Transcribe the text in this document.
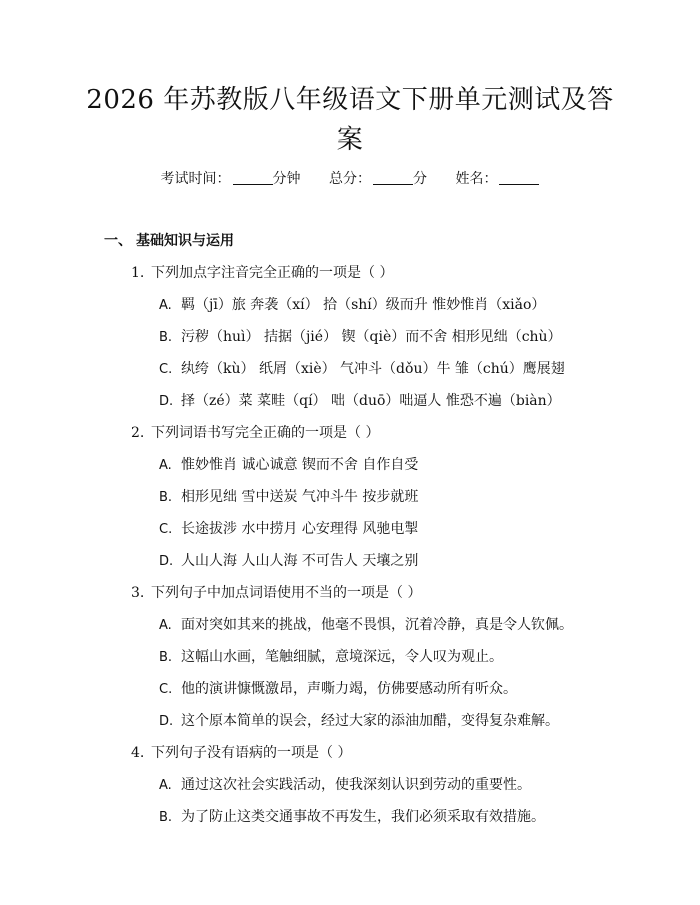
2026 年苏教版八年级语文下册单元测试及答案
考试时间：	分钟 总分：	分 姓名：
一、 基础知识与运用
1. 下列加点字注音完全正确的一项是（ ）
A. 羁（jī）旅 奔袭（xí） 拾（shí）级而升 惟妙惟肖（xiǎo）
B. 污秽（huì） 拮据（jié） 锲（qiè）而不舍 相形见绌（chù）
C. 纨绔（kù） 纸屑（xiè） 气冲斗（dǒu）牛 雏（chú）鹰展翅
D. 择（zé）菜 菜畦（qí） 咄（duō）咄逼人 惟恐不遍（biàn）
2. 下列词语书写完全正确的一项是（ ）
A. 惟妙惟肖 诚心诚意 锲而不舍 自作自受
B. 相形见绌 雪中送炭 气冲斗牛 按步就班
C. 长途拔涉 水中捞月 心安理得 风驰电掣
D. 人山人海 人山人海 不可告人 天壤之别
3. 下列句子中加点词语使用不当的一项是（ ）
A. 面对突如其来的挑战，他毫不畏惧，沉着冷静，真是令人钦佩。
B. 这幅山水画，笔触细腻，意境深远，令人叹为观止。
C. 他的演讲慷慨激昂，声嘶力竭，仿佛要感动所有听众。
D. 这个原本简单的误会，经过大家的添油加醋，变得复杂难解。
4. 下列句子没有语病的一项是（ ）
A. 通过这次社会实践活动，使我深刻认识到劳动的重要性。
B. 为了防止这类交通事故不再发生，我们必须采取有效措施。
